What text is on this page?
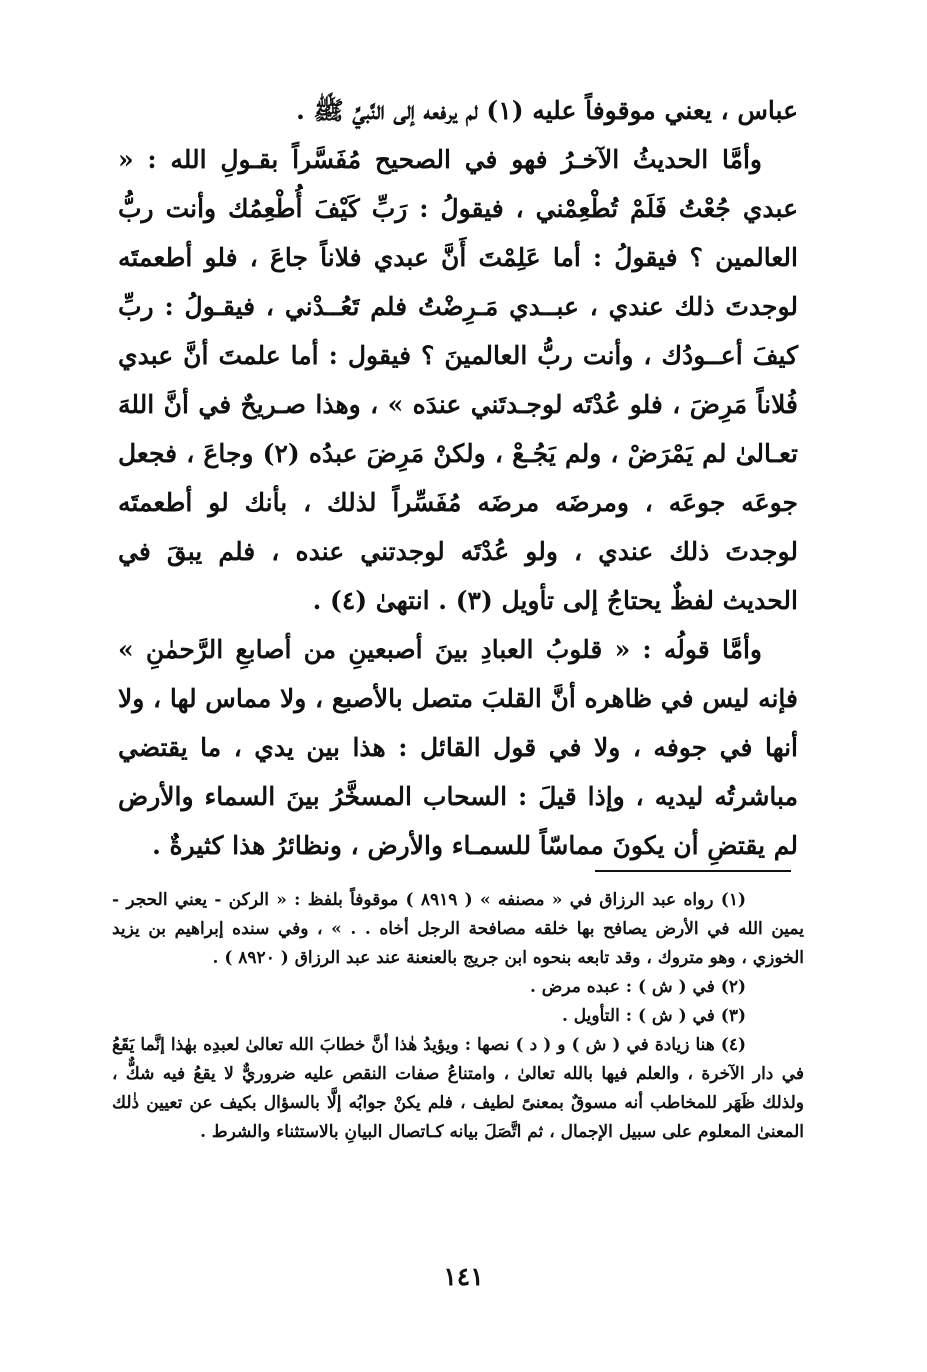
عباس ، يعني موقوفاً عليه (١) لم يرفعه إلى النَّبيِّ ﷺ .

وأمَّا الحديثُ الآخـرُ فهو في الصحيح مُفَسَّراً بقـولِ الله : « عبدي جُعْتُ فَلَمْ تُطْعِمْني ، فيقولُ : رَبِّ كَيْفَ أُطْعِمُك وأنت ربُّ العالمين ؟ فيقولُ : أما عَلِمْتَ أَنَّ عبدي فلاناً جاعَ ، فلو أطعمتَه لوجدتَ ذلك عندي ، عبــدي مَـرِضْتُ فلم تَعُــدْني ، فيقـولُ : ربِّ كيفَ أعــودُك ، وأنت ربُّ العالمينَ ؟ فيقول : أما علمتَ أنَّ عبدي فُلاناً مَرِضَ ، فلو عُدْتَه لوجـدتَني عندَه » ، وهذا صـريحٌ في أنَّ اللهَ تعـالىٰ لم يَمْرَضْ ، ولم يَجُـعْ ، ولكنْ مَرِضَ عبدُه (٢) وجاعَ ، فجعل جوعَه جوعَه ، ومرضَه مرضَه مُفَسِّراً لذلك ، بأنك لو أطعمتَه لوجدتَ ذلك عندي ، ولو عُدْتَه لوجدتني عنده ، فلم يبقَ في الحديث لفظٌ يحتاجُ إلى تأويل (٣) . انتهىٰ (٤) .

وأمَّا قولُه : « قلوبُ العبادِ بينَ أصبعينِ من أصابعِ الرَّحمٰنِ » فإنه ليس في ظاهره أنَّ القلبَ متصل بالأصبع ، ولا مماس لها ، ولا أنها في جوفه ، ولا في قول القائل : هذا بين يدي ، ما يقتضي مباشرتُه ليديه ، وإذا قيلَ : السحاب المسخَّرُ بينَ السماء والأرض لم يقتضِ أن يكونَ مماسّاً للسمـاء والأرض ، ونظائرُ هذا كثيرةٌ .

(١) رواه عبد الرزاق في « مصنفه » ( ٨٩١٩ ) موقوفاً بلفظ : « الركن - يعني الحجر - يمين الله في الأرض يصافح بها خلقه مصافحة الرجل أخاه . . » ، وفي سنده إبراهيم بن يزيد الخوزي ، وهو متروك ، وقد تابعه بنحوه ابن جريج بالعنعنة عند عبد الرزاق ( ٨٩٢٠ ) .

(٢) في ( ش ) : عبده مرض .

(٣) في ( ش ) : التأويل .

(٤) هنا زيادة في ( ش ) و ( د ) نصها : ويؤيدُ هٰذا أنَّ خطابَ الله تعالىٰ لعبدِه بهٰذا إنَّما يَقَعُ في دار الآخرة ، والعلم فيها بالله تعالىٰ ، وامتناعُ صفات النقص عليه ضروريٌّ لا يقعُ فيه شكٌّ ، ولذلك ظَهَر للمخاطب أنه مسوقٌ بمعنىً لطيف ، فلم يكنْ جوابُه إلَّا بالسؤال بكيف عن تعيين ذٰلك المعنىٰ المعلوم على سبيل الإجمال ، ثم اتَّصَلَ بيانه كـاتصال البيانِ بالاستثناء والشرط .

١٤١
